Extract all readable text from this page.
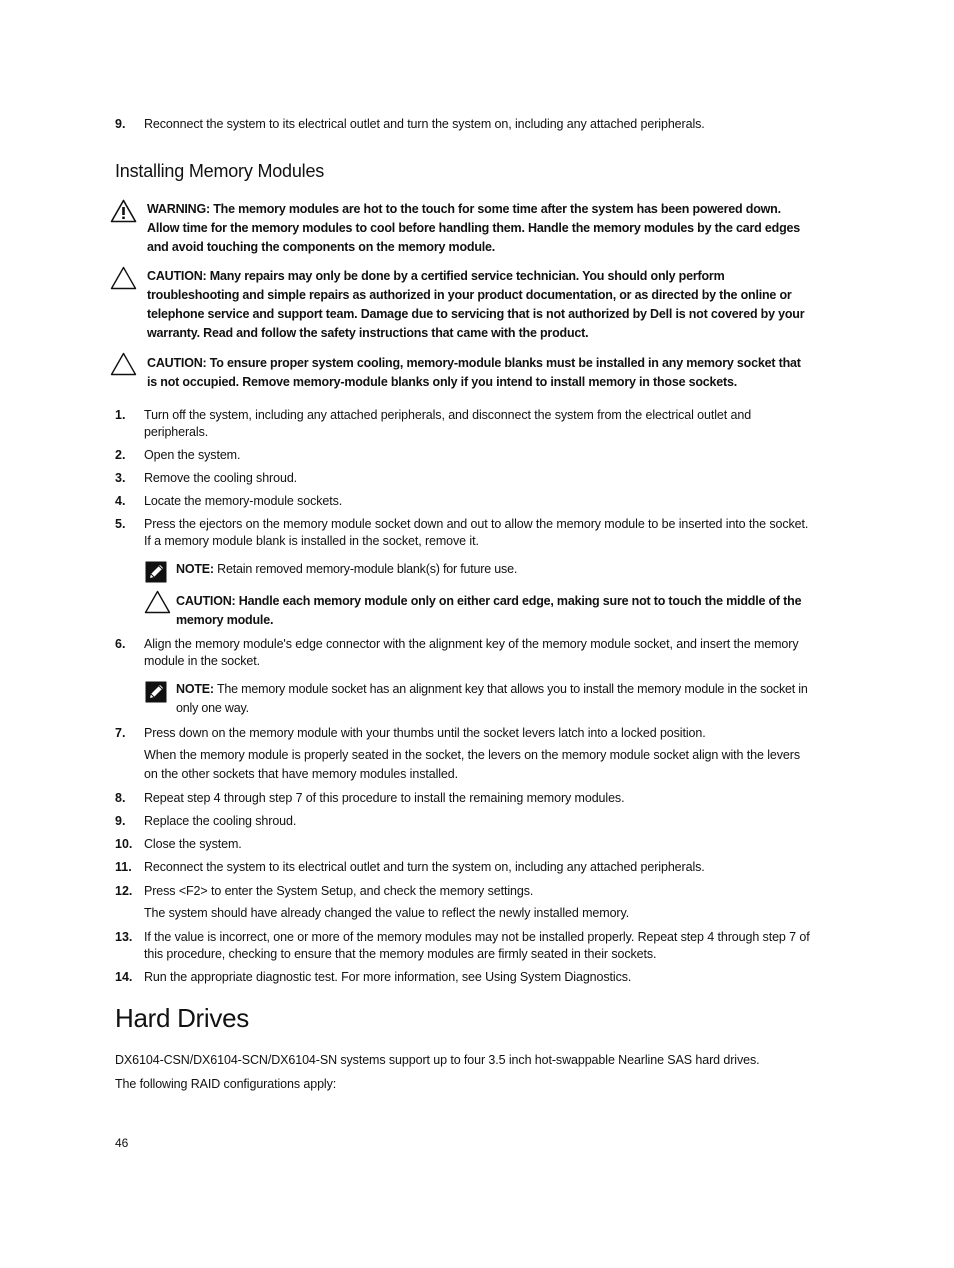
9. Reconnect the system to its electrical outlet and turn the system on, including any attached peripherals.
Installing Memory Modules
WARNING: The memory modules are hot to the touch for some time after the system has been powered down. Allow time for the memory modules to cool before handling them. Handle the memory modules by the card edges and avoid touching the components on the memory module.
CAUTION: Many repairs may only be done by a certified service technician. You should only perform troubleshooting and simple repairs as authorized in your product documentation, or as directed by the online or telephone service and support team. Damage due to servicing that is not authorized by Dell is not covered by your warranty. Read and follow the safety instructions that came with the product.
CAUTION: To ensure proper system cooling, memory-module blanks must be installed in any memory socket that is not occupied. Remove memory-module blanks only if you intend to install memory in those sockets.
1. Turn off the system, including any attached peripherals, and disconnect the system from the electrical outlet and peripherals.
2. Open the system.
3. Remove the cooling shroud.
4. Locate the memory-module sockets.
5. Press the ejectors on the memory module socket down and out to allow the memory module to be inserted into the socket. If a memory module blank is installed in the socket, remove it.
NOTE: Retain removed memory-module blank(s) for future use.
CAUTION: Handle each memory module only on either card edge, making sure not to touch the middle of the memory module.
6. Align the memory module's edge connector with the alignment key of the memory module socket, and insert the memory module in the socket.
NOTE: The memory module socket has an alignment key that allows you to install the memory module in the socket in only one way.
7. Press down on the memory module with your thumbs until the socket levers latch into a locked position.
When the memory module is properly seated in the socket, the levers on the memory module socket align with the levers on the other sockets that have memory modules installed.
8. Repeat step 4 through step 7 of this procedure to install the remaining memory modules.
9. Replace the cooling shroud.
10. Close the system.
11. Reconnect the system to its electrical outlet and turn the system on, including any attached peripherals.
12. Press <F2> to enter the System Setup, and check the memory settings.
The system should have already changed the value to reflect the newly installed memory.
13. If the value is incorrect, one or more of the memory modules may not be installed properly. Repeat step 4 through step 7 of this procedure, checking to ensure that the memory modules are firmly seated in their sockets.
14. Run the appropriate diagnostic test. For more information, see Using System Diagnostics.
Hard Drives
DX6104-CSN/DX6104-SCN/DX6104-SN systems support up to four 3.5 inch hot-swappable Nearline SAS hard drives.
The following RAID configurations apply:
46
